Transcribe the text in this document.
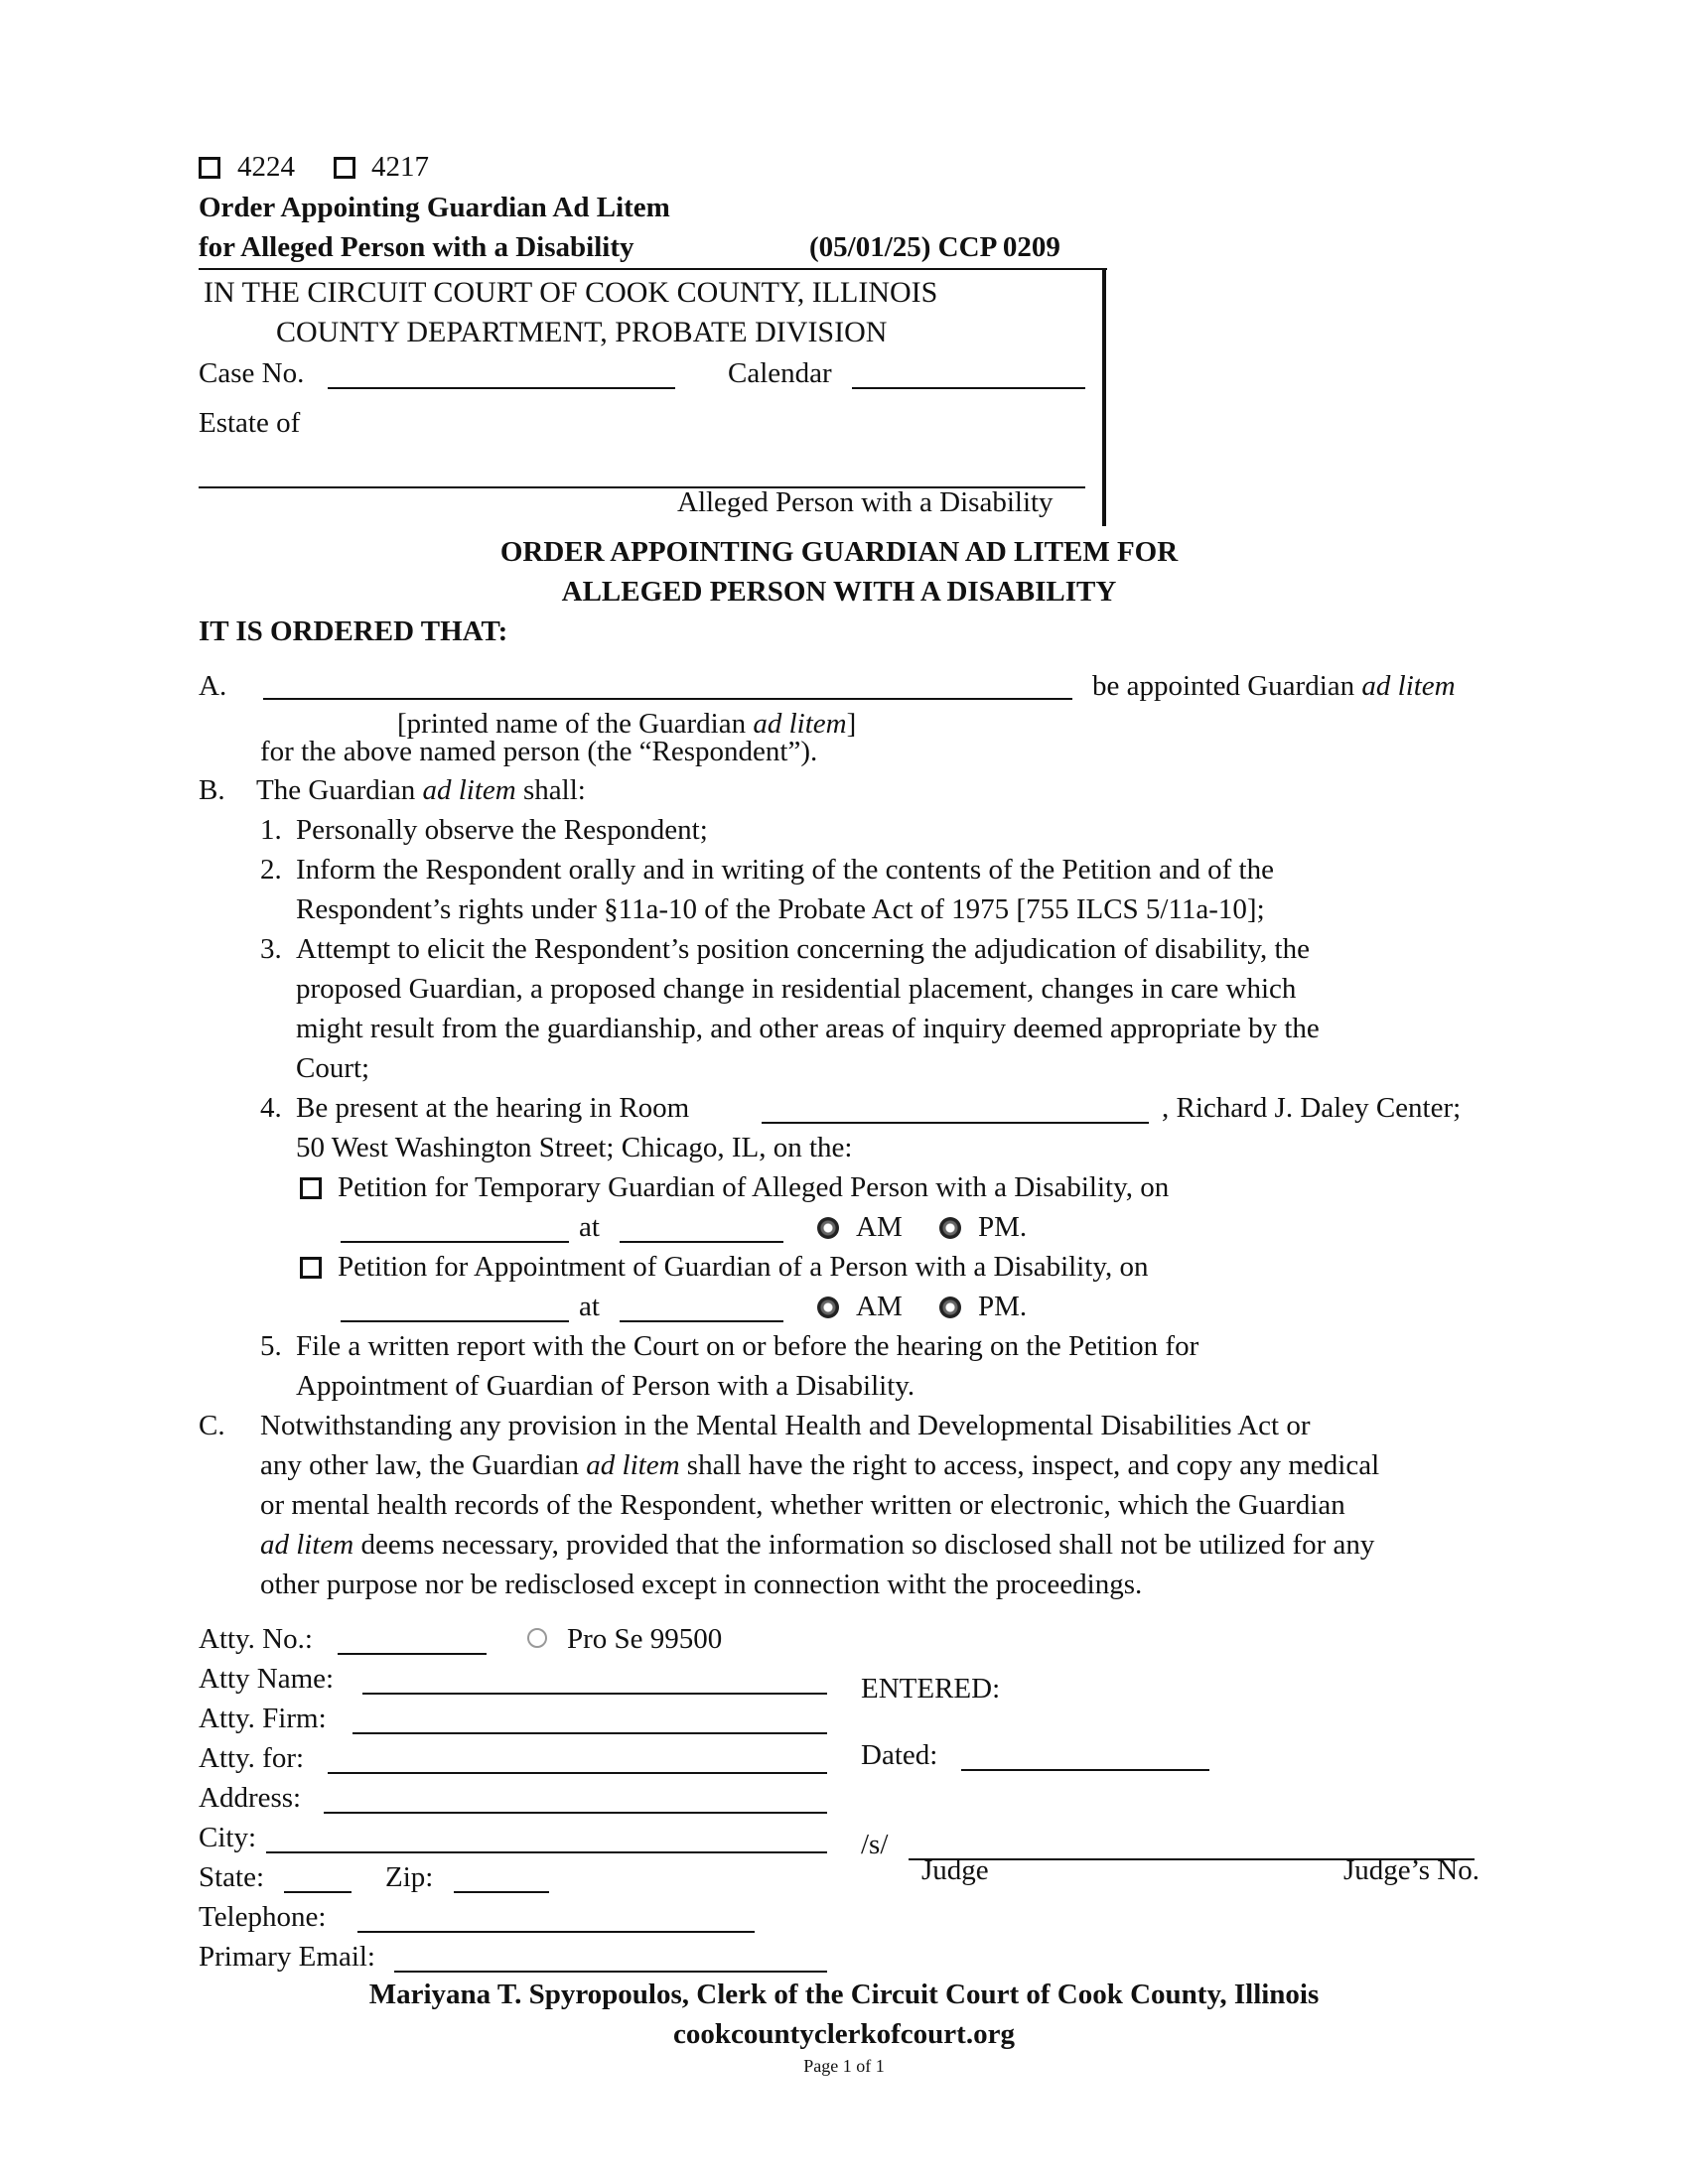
4224	4217
Order Appointing Guardian Ad Litem
for Alleged Person with a Disability	(05/01/25) CCP 0209
IN THE CIRCUIT COURT OF COOK COUNTY, ILLINOIS
COUNTY DEPARTMENT, PROBATE DIVISION
Case No.	Calendar
Estate of
Alleged Person with a Disability
ORDER APPOINTING GUARDIAN AD LITEM FOR
ALLEGED PERSON WITH A DISABILITY
IT IS ORDERED THAT:
A.	be appointed Guardian ad litem
[printed name of the Guardian ad litem]
for the above named person (the “Respondent”).
B. The Guardian ad litem shall:
1. Personally observe the Respondent;
2. Inform the Respondent orally and in writing of the contents of the Petition and of the
Respondent’s rights under §11a-10 of the Probate Act of 1975 [755 ILCS 5/11a-10];
3. Attempt to elicit the Respondent’s position concerning the adjudication of disability, the
proposed Guardian, a proposed change in residential placement, changes in care which
might result from the guardianship, and other areas of inquiry deemed appropriate by the
Court;
4. Be present at the hearing in Room	, Richard J. Daley Center;
50 West Washington Street; Chicago, IL, on the:
Petition for Temporary Guardian of Alleged Person with a Disability, on
at	AM	PM.
Petition for Appointment of Guardian of a Person with a Disability, on
at	AM	PM.
5. File a written report with the Court on or before the hearing on the Petition for
Appointment of Guardian of Person with a Disability.
C. Notwithstanding any provision in the Mental Health and Developmental Disabilities Act or
any other law, the Guardian ad litem shall have the right to access, inspect, and copy any medical
or mental health records of the Respondent, whether written or electronic, which the Guardian
ad litem deems necessary, provided that the information so disclosed shall not be utilized for any
other purpose nor be redisclosed except in connection witht the proceedings.
Atty. No.:	Pro Se 99500
Atty Name:
Atty. Firm:
Atty. for:
Address:
City:
State:	Zip:
Telephone:
Primary Email:
ENTERED:
Dated:
/s/
Judge	Judge’s No.
Mariyana T. Spyropoulos, Clerk of the Circuit Court of Cook County, Illinois
cookcountyclerkofcourt.org
Page 1 of 1
